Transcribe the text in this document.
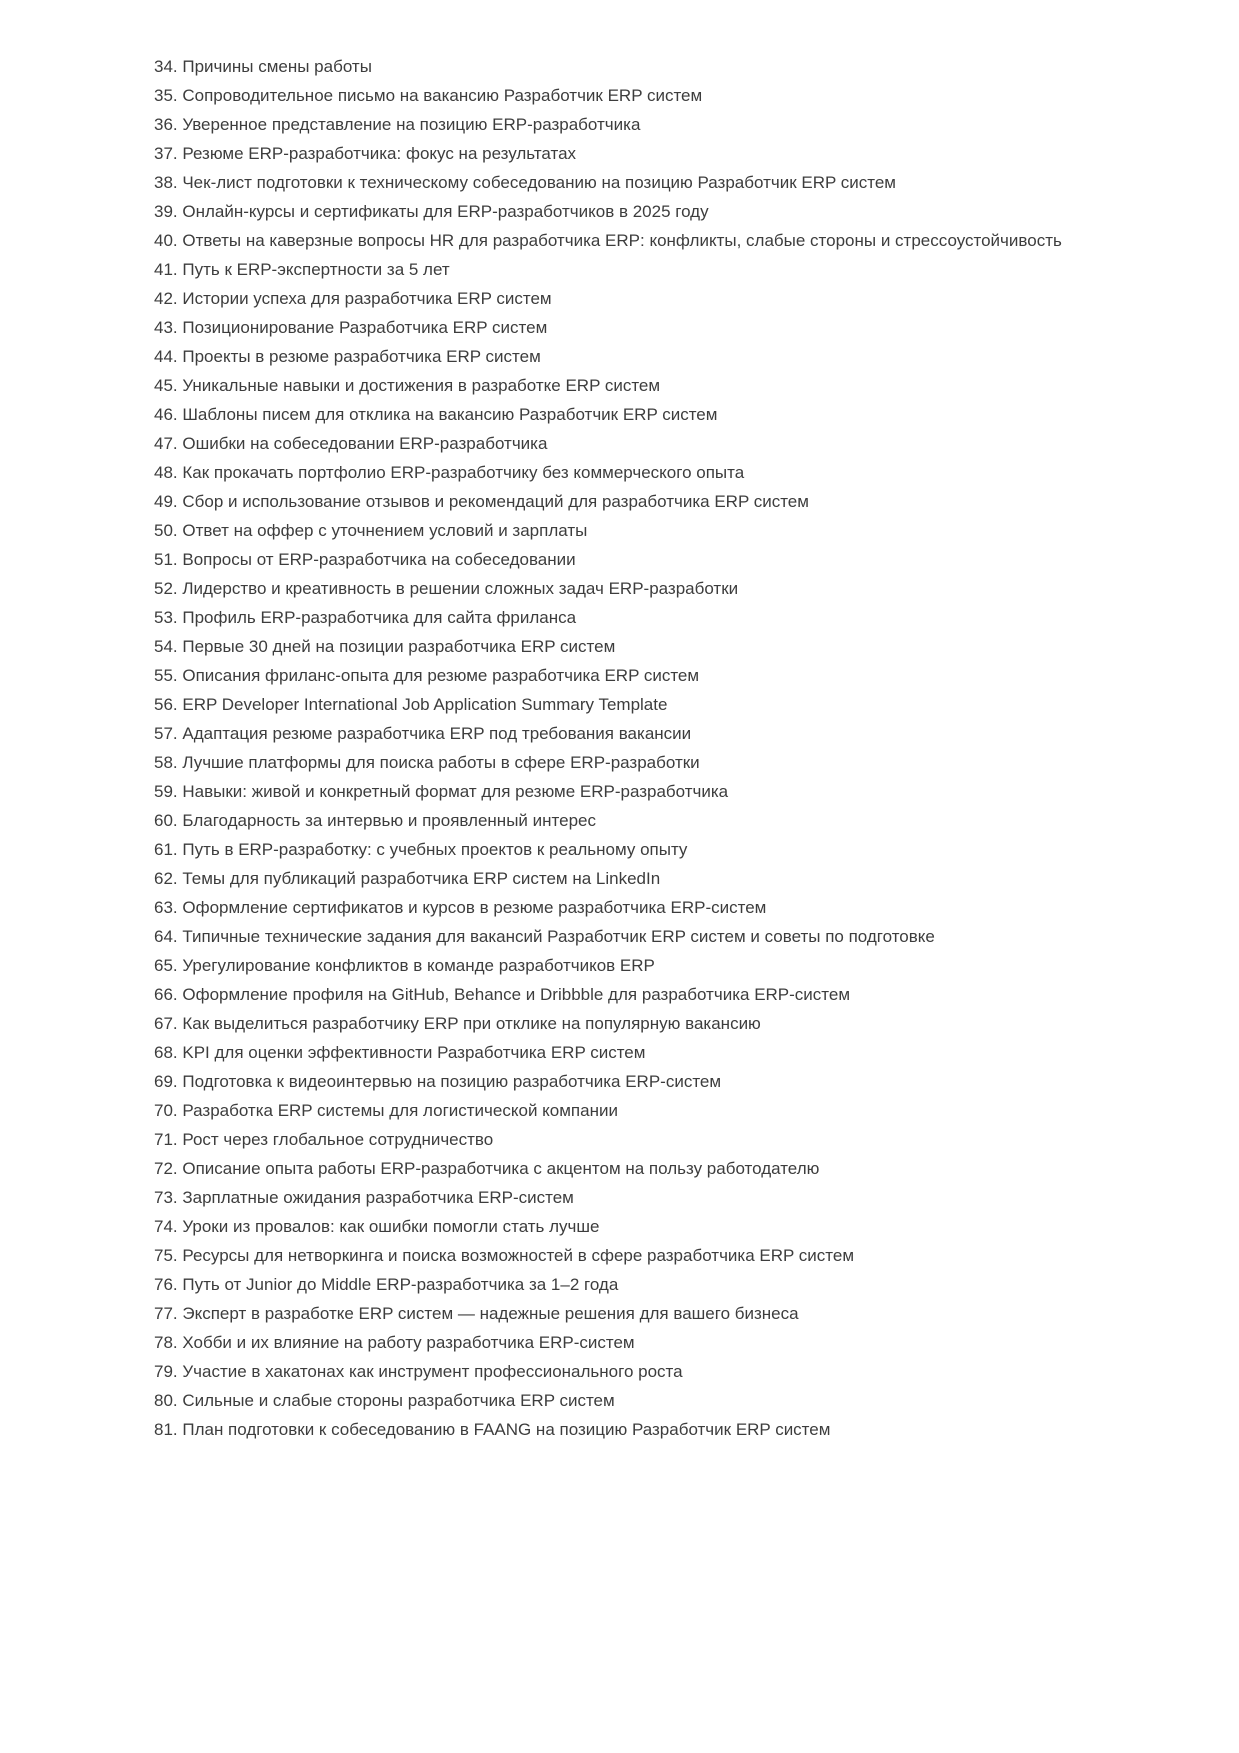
34. Причины смены работы
35. Сопроводительное письмо на вакансию Разработчик ERP систем
36. Уверенное представление на позицию ERP-разработчика
37. Резюме ERP-разработчика: фокус на результатах
38. Чек-лист подготовки к техническому собеседованию на позицию Разработчик ERP систем
39. Онлайн-курсы и сертификаты для ERP-разработчиков в 2025 году
40. Ответы на каверзные вопросы HR для разработчика ERP: конфликты, слабые стороны и стрессоустойчивость
41. Путь к ERP-экспертности за 5 лет
42. Истории успеха для разработчика ERP систем
43. Позиционирование Разработчика ERP систем
44. Проекты в резюме разработчика ERP систем
45. Уникальные навыки и достижения в разработке ERP систем
46. Шаблоны писем для отклика на вакансию Разработчик ERP систем
47. Ошибки на собеседовании ERP-разработчика
48. Как прокачать портфолио ERP-разработчику без коммерческого опыта
49. Сбор и использование отзывов и рекомендаций для разработчика ERP систем
50. Ответ на оффер с уточнением условий и зарплаты
51. Вопросы от ERP-разработчика на собеседовании
52. Лидерство и креативность в решении сложных задач ERP-разработки
53. Профиль ERP-разработчика для сайта фриланса
54. Первые 30 дней на позиции разработчика ERP систем
55. Описания фриланс-опыта для резюме разработчика ERP систем
56. ERP Developer International Job Application Summary Template
57. Адаптация резюме разработчика ERP под требования вакансии
58. Лучшие платформы для поиска работы в сфере ERP-разработки
59. Навыки: живой и конкретный формат для резюме ERP-разработчика
60. Благодарность за интервью и проявленный интерес
61. Путь в ERP-разработку: с учебных проектов к реальному опыту
62. Темы для публикаций разработчика ERP систем на LinkedIn
63. Оформление сертификатов и курсов в резюме разработчика ERP-систем
64. Типичные технические задания для вакансий Разработчик ERP систем и советы по подготовке
65. Урегулирование конфликтов в команде разработчиков ERP
66. Оформление профиля на GitHub, Behance и Dribbble для разработчика ERP-систем
67. Как выделиться разработчику ERP при отклике на популярную вакансию
68. KPI для оценки эффективности Разработчика ERP систем
69. Подготовка к видеоинтервью на позицию разработчика ERP-систем
70. Разработка ERP системы для логистической компании
71. Рост через глобальное сотрудничество
72. Описание опыта работы ERP-разработчика с акцентом на пользу работодателю
73. Зарплатные ожидания разработчика ERP-систем
74. Уроки из провалов: как ошибки помогли стать лучше
75. Ресурсы для нетворкинга и поиска возможностей в сфере разработчика ERP систем
76. Путь от Junior до Middle ERP-разработчика за 1–2 года
77. Эксперт в разработке ERP систем — надежные решения для вашего бизнеса
78. Хобби и их влияние на работу разработчика ERP-систем
79. Участие в хакатонах как инструмент профессионального роста
80. Сильные и слабые стороны разработчика ERP систем
81. План подготовки к собеседованию в FAANG на позицию Разработчик ERP систем
